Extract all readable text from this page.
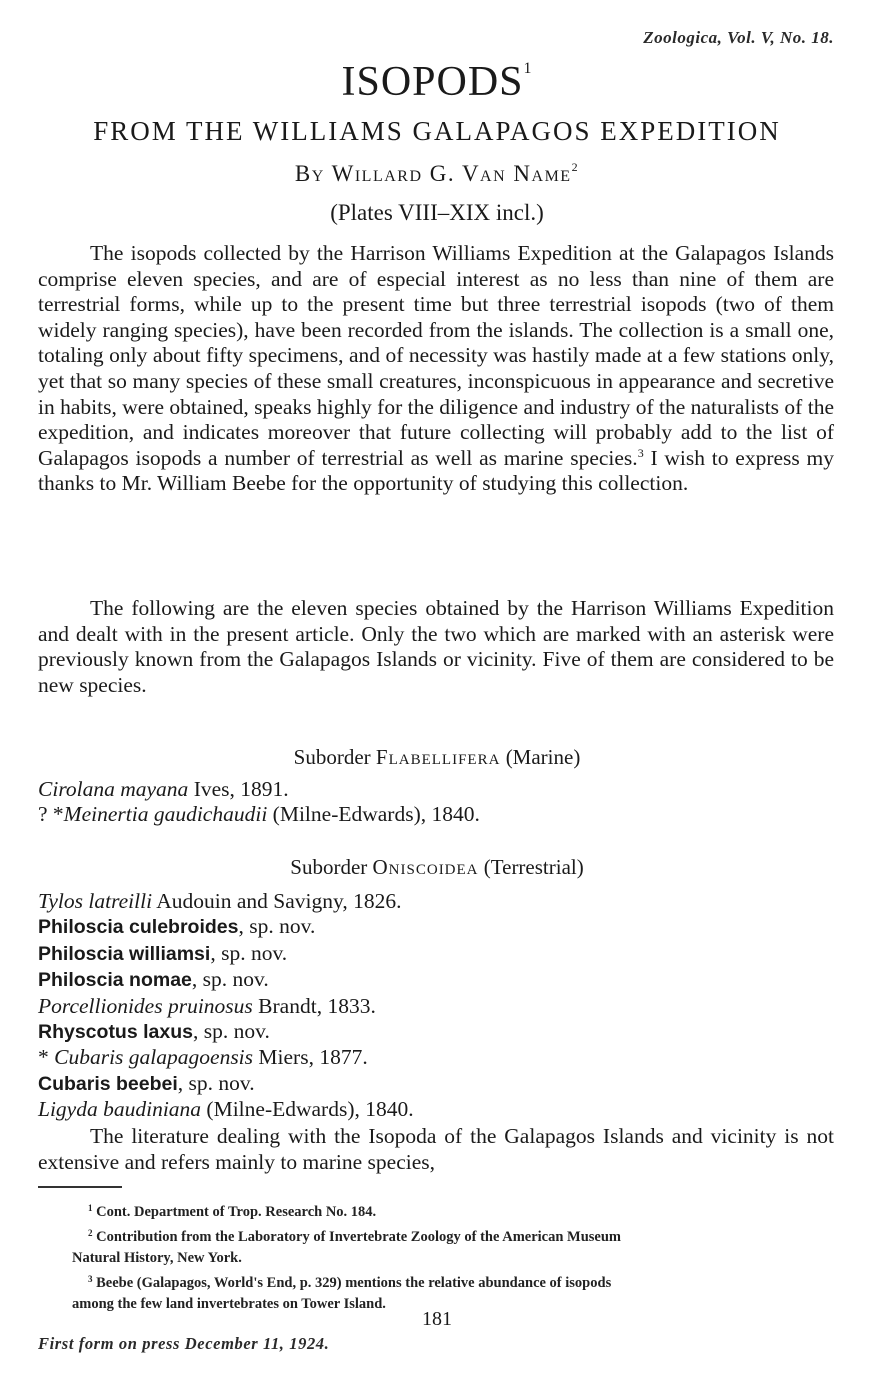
Zoologica, Vol. V, No. 18.
ISOPODS$^1$
FROM THE WILLIAMS GALAPAGOS EXPEDITION
By Willard G. Van Name$^2$
(Plates VIII–XIX incl.)

The isopods collected by the Harrison Williams Expedition at the Galapagos Islands comprise eleven species, and are of especial interest as no less than nine of them are terrestrial forms, while up to the present time but three terrestrial isopods (two of them widely ranging species), have been recorded from the islands. The collection is a small one, totaling only about fifty specimens, and of necessity was hastily made at a few stations only, yet that so many species of these small creatures, inconspicuous in appearance and secretive in habits, were obtained, speaks highly for the diligence and industry of the naturalists of the expedition, and indicates moreover that future collecting will probably add to the list of Galapagos isopods a number of terrestrial as well as marine species.$^3$ I wish to express my thanks to Mr. William Beebe for the opportunity of studying this collection.

The following are the eleven species obtained by the Harrison Williams Expedition and dealt with in the present article. Only the two which are marked with an asterisk were previously known from the Galapagos Islands or vicinity. Five of them are considered to be new species.

Suborder Flabellifera (Marine)
Cirolana mayana Ives, 1891.
? *Meinertia gaudichaudii (Milne-Edwards), 1840.
Suborder Oniscoidea (Terrestrial)
Tylos latreilli Audouin and Savigny, 1826.
Philoscia culebroides, sp. nov.
Philoscia williamsi, sp. nov.
Philoscia nomae, sp. nov.
Porcellionides pruinosus Brandt, 1833.
Rhyscotus laxus, sp. nov.
* Cubaris galapagoensis Miers, 1877.
Cubaris beebei, sp. nov.
Ligyda baudiniana (Milne-Edwards), 1840.

The literature dealing with the Isopoda of the Galapagos Islands and vicinity is not extensive and refers mainly to marine species,

$^1$ Cont. Department of Trop. Research No. 184.
$^2$ Contribution from the Laboratory of Invertebrate Zoology of the American Museum
Natural History, New York.
$^3$ Beebe (Galapagos, World's End, p. 329) mentions the relative abundance of isopods
among the few land invertebrates on Tower Island.
181
First form on press December 11, 1924.
